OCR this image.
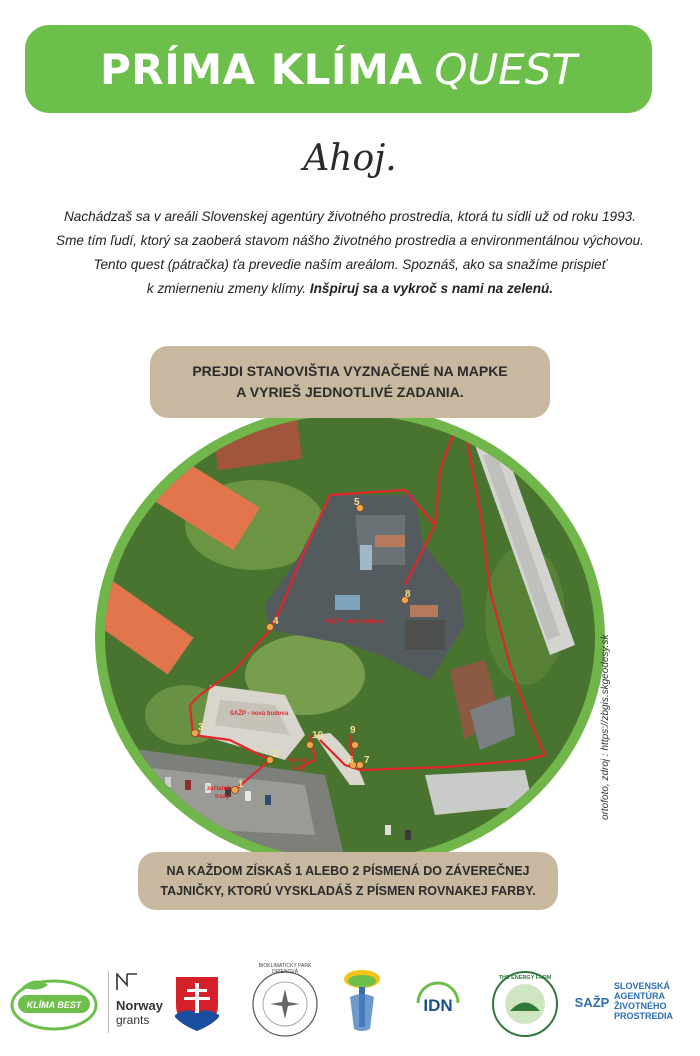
PRÍMA KLÍMA QUEST
Ahoj.
Nachádzaš sa v areáli Slovenskej agentúry životného prostredia, ktorá tu sídli už od roku 1993.
Sme tím ľudí, ktorý sa zaoberá stavom nášho životného prostredia a environmentálnou výchovou.
Tento quest (pátračka) ťa prevedie naším areálom. Spoznáš, ako sa snažíme prispieť
k zmierneniu zmeny klímy. Inšpiruj sa a vykroč s nami na zelenú.
1
2
3
4
5
6 7
8
9
10
SAŽP - stará budova
SAŽP - nová budova
začiatok
trasy
Koniec
trasy
PREJDI STANOVIŠTIA VYZNAČENÉ NA MAPKE
A VYRIEŠ JEDNOTLIVÉ ZADANIA.
NA KAŽDOM ZÍSKAŠ 1 ALEBO 2 PÍSMENÁ DO ZÁVEREČNEJ
TAJNIČKY, KTORÚ VYSKLADÁŠ Z PÍSMEN ROVNAKEJ FARBY.
ortofoto, zdroj : https://zbgis.skgeodesy.sk
KLÍMA BEST	Norway
grants
BIOKLIMATICKÝ PARK DRIENOVÁ
IDN
THE ENERGY FARM
SAŽP
SLOVENSKÁ
AGENTÚRA
ŽIVOTNÉHO
PROSTREDIA
